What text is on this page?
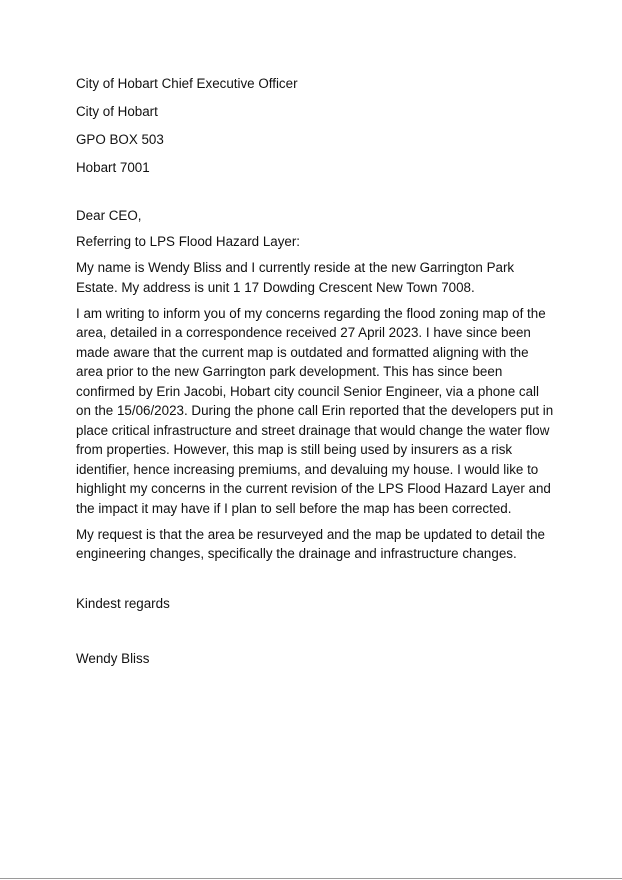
City of Hobart Chief Executive Officer

City of Hobart

GPO BOX 503

Hobart 7001

Dear CEO,

Referring to LPS Flood Hazard Layer:

My name is Wendy Bliss and I currently reside at the new Garrington Park Estate. My address is unit 1 17 Dowding Crescent New Town 7008.

I am writing to inform you of my concerns regarding the flood zoning map of the area, detailed in a correspondence received 27 April 2023. I have since been made aware that the current map is outdated and formatted aligning with the area prior to the new Garrington park development. This has since been confirmed by Erin Jacobi, Hobart city council Senior Engineer, via a phone call on the 15/06/2023. During the phone call Erin reported that the developers put in place critical infrastructure and street drainage that would change the water flow from properties. However, this map is still being used by insurers as a risk identifier, hence increasing premiums, and devaluing my house. I would like to highlight my concerns in the current revision of the LPS Flood Hazard Layer and the impact it may have if I plan to sell before the map has been corrected.

My request is that the area be resurveyed and the map be updated to detail the engineering changes, specifically the drainage and infrastructure changes.

Kindest regards

Wendy Bliss
